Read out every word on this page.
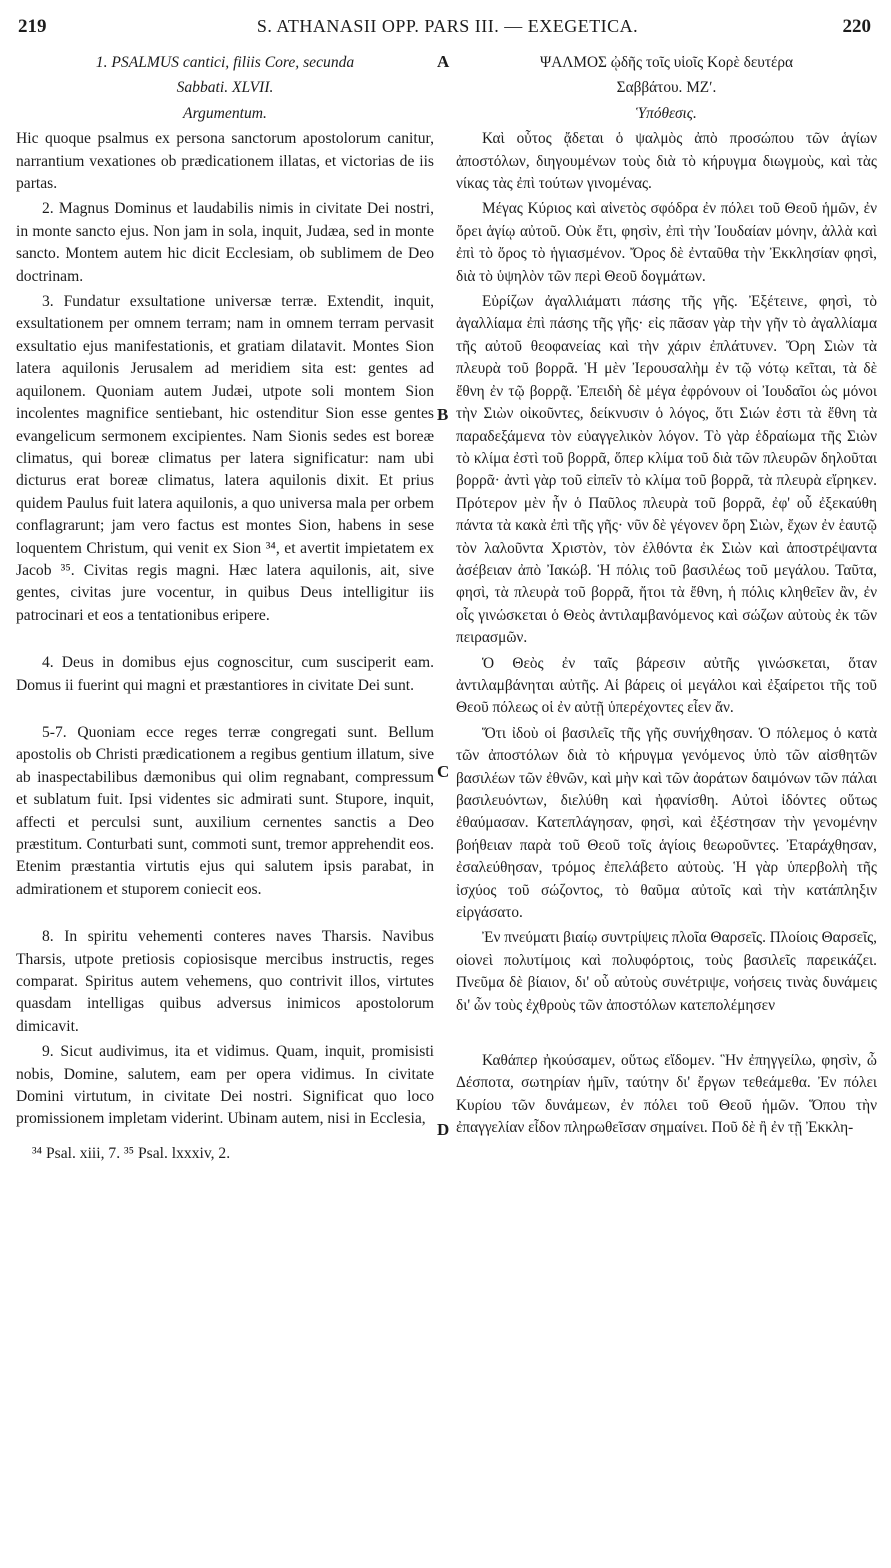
219	S. ATHANASII OPP. PARS III. — EXEGETICA.	220
A
B
C
D

1. PSALMUS cantici, filiis Core, secunda

Sabbati. XLVII.

Argumentum.

Hic quoque psalmus ex persona sanctorum apostolorum canitur, narrantium vexationes ob prædicationem illatas, et victorias de iis partas.

2. Magnus Dominus et laudabilis nimis in civitate Dei nostri, in monte sancto ejus. Non jam in sola, inquit, Judæa, sed in monte sancto. Montem autem hic dicit Ecclesiam, ob sublimem de Deo doctrinam.

3. Fundatur exsultatione universæ terræ. Extendit, inquit, exsultationem per omnem terram; nam in omnem terram pervasit exsultatio ejus manifestationis, et gratiam dilatavit. Montes Sion latera aquilonis Jerusalem ad meridiem sita est: gentes ad aquilonem. Quoniam autem Judæi, utpote soli montem Sion incolentes magnifice sentiebant, hic ostenditur Sion esse gentes evangelicum sermonem excipientes. Nam Sionis sedes est boreæ climatus, qui boreæ climatus per latera significatur: nam ubi dicturus erat boreæ climatus, latera aquilonis dixit. Et prius quidem Paulus fuit latera aquilonis, a quo universa mala per orbem conflagrarunt; jam vero factus est montes Sion, habens in sese loquentem Christum, qui venit ex Sion ³⁴, et avertit impietatem ex Jacob ³⁵. Civitas regis magni. Hæc latera aquilonis, ait, sive gentes, civitas jure vocentur, in quibus Deus intelligitur iis patrocinari et eos a tentationibus eripere.

4. Deus in domibus ejus cognoscitur, cum susciperit eam. Domus ii fuerint qui magni et præstantiores in civitate Dei sunt.

5-7. Quoniam ecce reges terræ congregati sunt. Bellum apostolis ob Christi prædicationem a regibus gentium illatum, sive ab inaspectabilibus dæmonibus qui olim regnabant, compressum et sublatum fuit. Ipsi videntes sic admirati sunt. Stupore, inquit, affecti et perculsi sunt, auxilium cernentes sanctis a Deo præstitum. Conturbati sunt, commoti sunt, tremor apprehendit eos. Etenim præstantia virtutis ejus qui salutem ipsis parabat, in admirationem et stuporem coniecit eos.

8. In spiritu vehementi conteres naves Tharsis. Navibus Tharsis, utpote pretiosis copiosisque mercibus instructis, reges comparat. Spiritus autem vehemens, quo contrivit illos, virtutes quasdam intelligas quibus adversus inimicos apostolorum dimicavit.

9. Sicut audivimus, ita et vidimus. Quam, inquit, promisisti nobis, Domine, salutem, eam per opera vidimus. In civitate Domini virtutum, in civitate Dei nostri. Significat quo loco promissionem impletam viderint. Ubinam autem, nisi in Ecclesia,

³⁴ Psal. xiii, 7. ³⁵ Psal. lxxxiv, 2.

ΨΑΛΜΟΣ ᾠδῆς τοῖς υἱοῖς Κορὲ δευτέρα

Σαββάτου. ΜΖʹ.

Ὑπόθεσις.

Καὶ οὗτος ᾄδεται ὁ ψαλμὸς ἀπὸ προσώπου τῶν ἁγίων ἀποστόλων, διηγουμένων τοὺς διὰ τὸ κήρυγμα διωγμοὺς, καὶ τὰς νίκας τὰς ἐπὶ τούτων γινομένας.

Μέγας Κύριος καὶ αἰνετὸς σφόδρα ἐν πόλει τοῦ Θεοῦ ἡμῶν, ἐν ὄρει ἁγίῳ αὐτοῦ. Οὐκ ἔτι, φησὶν, ἐπὶ τὴν Ἰουδαίαν μόνην, ἀλλὰ καὶ ἐπὶ τὸ ὄρος τὸ ἡγιασμένον. Ὄρος δὲ ἐνταῦθα τὴν Ἐκκλησίαν φησὶ, διὰ τὸ ὑψηλὸν τῶν περὶ Θεοῦ δογμάτων.

Εὐρίζων ἀγαλλιάματι πάσης τῆς γῆς. Ἐξέτεινε, φησὶ, τὸ ἀγαλλίαμα ἐπὶ πάσης τῆς γῆς· εἰς πᾶσαν γὰρ τὴν γῆν τὸ ἀγαλλίαμα τῆς αὐτοῦ θεοφανείας καὶ τὴν χάριν ἐπλάτυνεν. Ὄρη Σιὼν τὰ πλευρὰ τοῦ βορρᾶ. Ἡ μὲν Ἰερουσαλὴμ ἐν τῷ νότῳ κεῖται, τὰ δὲ ἔθνη ἐν τῷ βορρᾷ. Ἐπειδὴ δὲ μέγα ἐφρόνουν οἱ Ἰουδαῖοι ὡς μόνοι τὴν Σιὼν οἰκοῦντες, δείκνυσιν ὁ λόγος, ὅτι Σιών ἐστι τὰ ἔθνη τὰ παραδεξάμενα τὸν εὐαγγελικὸν λόγον. Τὸ γὰρ ἑδραίωμα τῆς Σιὼν τὸ κλίμα ἐστὶ τοῦ βορρᾶ, ὅπερ κλίμα τοῦ διὰ τῶν πλευρῶν δηλοῦται βορρᾶ· ἀντὶ γὰρ τοῦ εἰπεῖν τὸ κλίμα τοῦ βορρᾶ, τὰ πλευρὰ εἴρηκεν. Πρότερον μὲν ἦν ὁ Παῦλος πλευρὰ τοῦ βορρᾶ, ἐφ' οὗ ἐξεκαύθη πάντα τὰ κακὰ ἐπὶ τῆς γῆς· νῦν δὲ γέγονεν ὄρη Σιὼν, ἔχων ἐν ἑαυτῷ τὸν λαλοῦντα Χριστὸν, τὸν ἐλθόντα ἐκ Σιὼν καὶ ἀποστρέψαντα ἀσέβειαν ἀπὸ Ἰακώβ. Ἡ πόλις τοῦ βασιλέως τοῦ μεγάλου. Ταῦτα, φησὶ, τὰ πλευρὰ τοῦ βορρᾶ, ἤτοι τὰ ἔθνη, ἡ πόλις κληθεῖεν ἂν, ἐν οἷς γινώσκεται ὁ Θεὸς ἀντιλαμβανόμενος καὶ σώζων αὐτοὺς ἐκ τῶν πειρασμῶν.

Ὁ Θεὸς ἐν ταῖς βάρεσιν αὐτῆς γινώσκεται, ὅταν ἀντιλαμβάνηται αὐτῆς. Αἱ βάρεις οἱ μεγάλοι καὶ ἐξαίρετοι τῆς τοῦ Θεοῦ πόλεως οἱ ἐν αὐτῇ ὑπερέχοντες εἶεν ἄν.

Ὅτι ἰδοὺ οἱ βασιλεῖς τῆς γῆς συνήχθησαν. Ὁ πόλεμος ὁ κατὰ τῶν ἀποστόλων διὰ τὸ κήρυγμα γενόμενος ὑπὸ τῶν αἰσθητῶν βασιλέων τῶν ἐθνῶν, καὶ μὴν καὶ τῶν ἀοράτων δαιμόνων τῶν πάλαι βασιλευόντων, διελύθη καὶ ἠφανίσθη. Αὐτοὶ ἰδόντες οὕτως ἐθαύμασαν. Κατεπλάγησαν, φησὶ, καὶ ἐξέστησαν τὴν γενομένην βοήθειαν παρὰ τοῦ Θεοῦ τοῖς ἁγίοις θεωροῦντες. Ἐταράχθησαν, ἐσαλεύθησαν, τρόμος ἐπελάβετο αὐτοὺς. Ἡ γὰρ ὑπερβολὴ τῆς ἰσχύος τοῦ σώζοντος, τὸ θαῦμα αὐτοῖς καὶ τὴν κατάπληξιν εἰργάσατο.

Ἐν πνεύματι βιαίῳ συντρίψεις πλοῖα Θαρσεῖς. Πλοίοις Θαρσεῖς, οἱονεὶ πολυτίμοις καὶ πολυφόρτοις, τοὺς βασιλεῖς παρεικάζει. Πνεῦμα δὲ βίαιον, δι' οὗ αὐτοὺς συνέτριψε, νοήσεις τινὰς δυνάμεις δι' ὧν τοὺς ἐχθροὺς τῶν ἀποστόλων κατεπολέμησεν

Καθάπερ ἠκούσαμεν, οὕτως εἴδομεν. Ἣν ἐπηγγείλω, φησὶν, ὦ Δέσποτα, σωτηρίαν ἡμῖν, ταύτην δι' ἔργων τεθεάμεθα. Ἐν πόλει Κυρίου τῶν δυνάμεων, ἐν πόλει τοῦ Θεοῦ ἡμῶν. Ὅπου τὴν ἐπαγγελίαν εἶδον πληρωθεῖσαν σημαίνει. Ποῦ δὲ ἢ ἐν τῇ Ἐκκλη-
